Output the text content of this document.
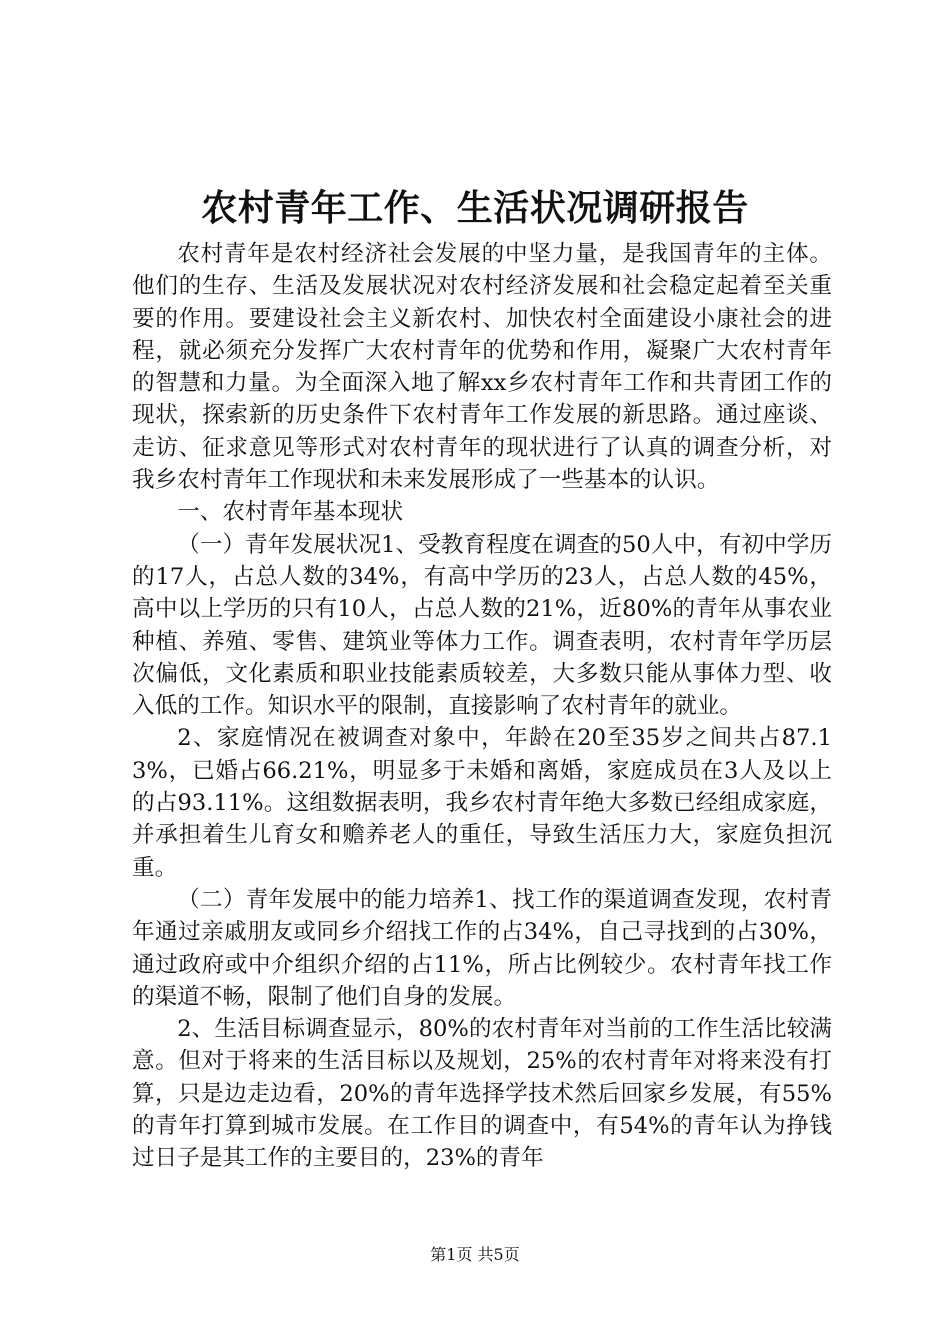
农村青年工作、生活状况调研报告

农村青年是农村经济社会发展的中坚力量，是我国青年的主体。他们的生存、生活及发展状况对农村经济发展和社会稳定起着至关重要的作用。要建设社会主义新农村、加快农村全面建设小康社会的进程，就必须充分发挥广大农村青年的优势和作用，凝聚广大农村青年的智慧和力量。为全面深入地了解xx乡农村青年工作和共青团工作的现状，探索新的历史条件下农村青年工作发展的新思路。通过座谈、走访、征求意见等形式对农村青年的现状进行了认真的调查分析，对我乡农村青年工作现状和未来发展形成了一些基本的认识。

一、农村青年基本现状

（一）青年发展状况1、受教育程度在调查的50人中，有初中学历的17人，占总人数的34%，有高中学历的23人，占总人数的45%，高中以上学历的只有10人，占总人数的21%，近80%的青年从事农业种植、养殖、零售、建筑业等体力工作。调查表明，农村青年学历层次偏低，文化素质和职业技能素质较差，大多数只能从事体力型、收入低的工作。知识水平的限制，直接影响了农村青年的就业。

2、家庭情况在被调查对象中，年龄在20至35岁之间共占87.13%，已婚占66.21%，明显多于未婚和离婚，家庭成员在3人及以上的占93.11%。这组数据表明，我乡农村青年绝大多数已经组成家庭，并承担着生儿育女和赡养老人的重任，导致生活压力大，家庭负担沉重。

（二）青年发展中的能力培养1、找工作的渠道调查发现，农村青年通过亲戚朋友或同乡介绍找工作的占34%，自己寻找到的占30%，通过政府或中介组织介绍的占11%，所占比例较少。农村青年找工作的渠道不畅，限制了他们自身的发展。

2、生活目标调查显示，80%的农村青年对当前的工作生活比较满意。但对于将来的生活目标以及规划，25%的农村青年对将来没有打算，只是边走边看，20%的青年选择学技术然后回家乡发展，有55%的青年打算到城市发展。在工作目的调查中，有54%的青年认为挣钱过日子是其工作的主要目的，23%的青年

第1页 共5页
